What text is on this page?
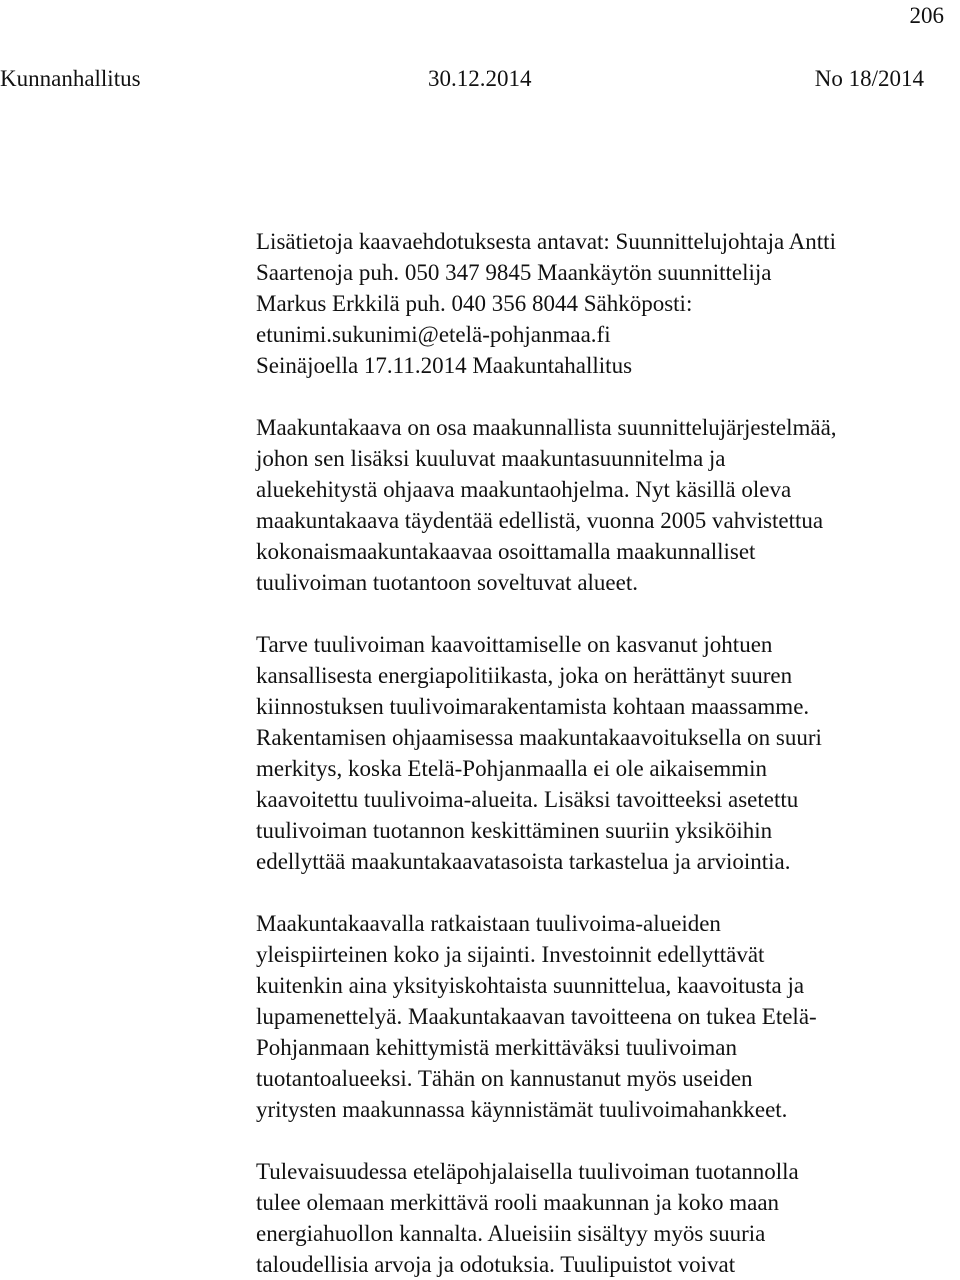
206
Kunnanhallitus	30.12.2014	No 18/2014
Lisätietoja kaavaehdotuksesta antavat: Suunnittelujohtaja Antti
Saartenoja puh. 050 347 9845 Maankäytön suunnittelija
Markus Erkkilä puh. 040 356 8044 Sähköposti:
etunimi.sukunimi@etelä-pohjanmaa.fi
Seinäjoella 17.11.2014 Maakuntahallitus
Maakuntakaava on osa maakunnallista suunnittelujärjestelmää,
johon sen lisäksi kuuluvat maakuntasuunnitelma ja
aluekehitystä ohjaava maakuntaohjelma. Nyt käsillä oleva
maakuntakaava täydentää edellistä, vuonna 2005 vahvistettua
kokonaismaakuntakaavaa osoittamalla maakunnalliset
tuulivoiman tuotantoon soveltuvat alueet.
Tarve tuulivoiman kaavoittamiselle on kasvanut johtuen
kansallisesta energiapolitiikasta, joka on herättänyt suuren
kiinnostuksen tuulivoimarakentamista kohtaan maassamme.
Rakentamisen ohjaamisessa maakuntakaavoituksella on suuri
merkitys, koska Etelä-Pohjanmaalla ei ole aikaisemmin
kaavoitettu tuulivoima-alueita. Lisäksi tavoitteeksi asetettu
tuulivoiman tuotannon keskittäminen suuriin yksiköihin
edellyttää maakuntakaavatasoista tarkastelua ja arviointia.
Maakuntakaavalla ratkaistaan tuulivoima-alueiden
yleispiirteinen koko ja sijainti. Investoinnit edellyttävät
kuitenkin aina yksityiskohtaista suunnittelua, kaavoitusta ja
lupamenettelyä. Maakuntakaavan tavoitteena on tukea Etelä-
Pohjanmaan kehittymistä merkittäväksi tuulivoiman
tuotantoalueeksi. Tähän on kannustanut myös useiden
yritysten maakunnassa käynnistämät tuulivoimahankkeet.
Tulevaisuudessa eteläpohjalaisella tuulivoiman tuotannolla
tulee olemaan merkittävä rooli maakunnan ja koko maan
energiahuollon kannalta. Alueisiin sisältyy myös suuria
taloudellisia arvoja ja odotuksia. Tuulipuistot voivat
